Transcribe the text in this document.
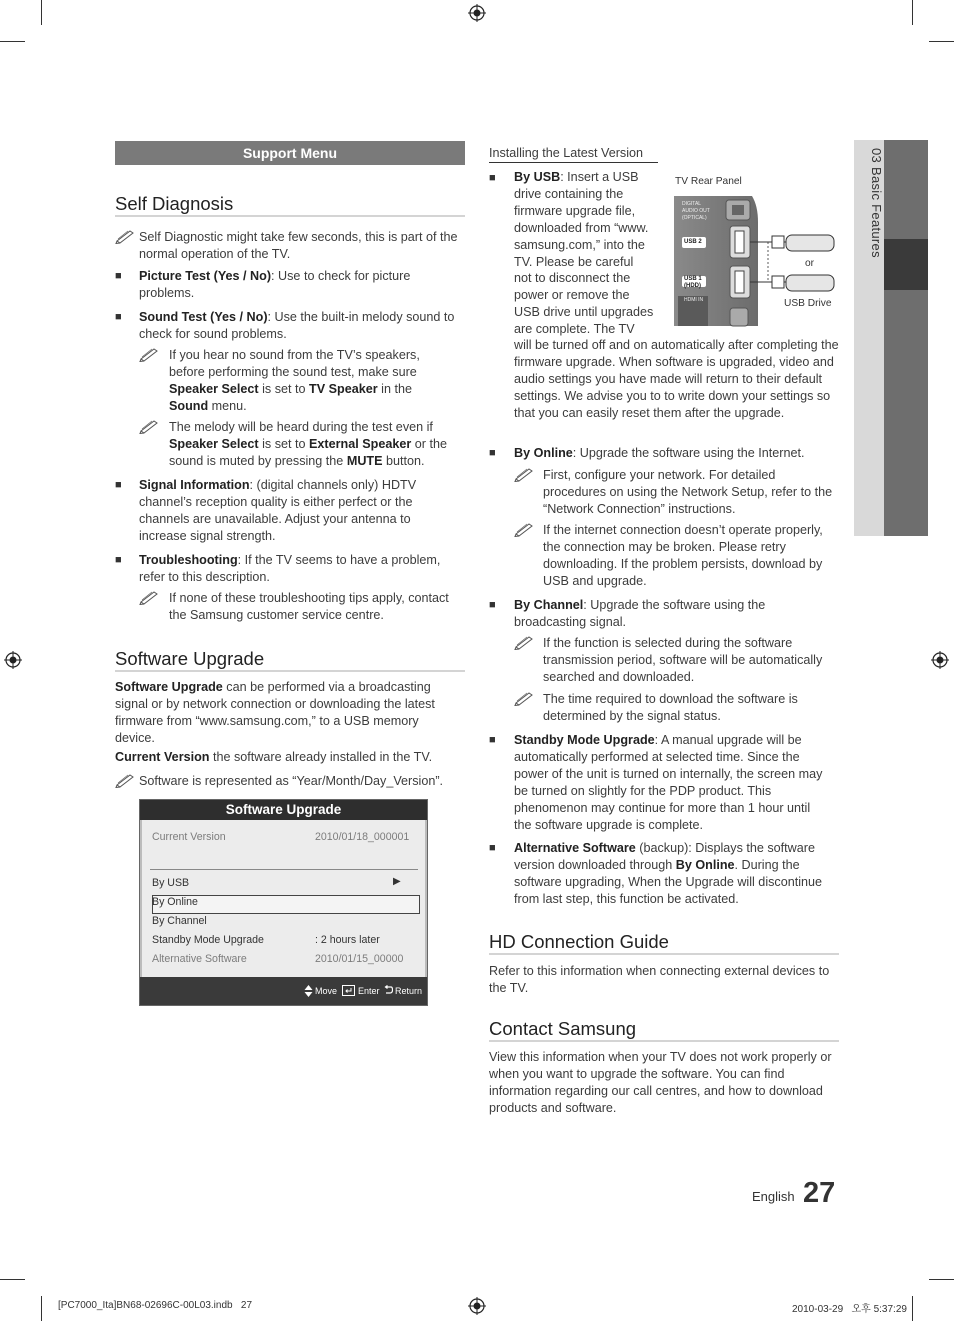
03 Basic Features
Support Menu
Self Diagnosis
Self Diagnostic might take few seconds, this is part of the normal operation of the TV.
■ Picture Test (Yes / No): Use to check for picture problems.
■ Sound Test (Yes / No): Use the built-in melody sound to check for sound problems.
If you hear no sound from the TV’s speakers, before performing the sound test, make sure Speaker Select is set to TV Speaker in the Sound menu.
The melody will be heard during the test even if Speaker Select is set to External Speaker or the sound is muted by pressing the MUTE button.
■ Signal Information: (digital channels only) HDTV channel’s reception quality is either perfect or the channels are unavailable. Adjust your antenna to increase signal strength.
■ Troubleshooting: If the TV seems to have a problem, refer to this description.
If none of these troubleshooting tips apply, contact the Samsung customer service centre.
Software Upgrade
Software Upgrade can be performed via a broadcasting signal or by network connection or downloading the latest firmware from “www.samsung.com,” to a USB memory device.
Current Version the software already installed in the TV.
Software is represented as “Year/Month/Day_Version”.
Software Upgrade
Current Version	2010/01/18_000001
By USB	▶
By Online
By Channel
Standby Mode Upgrade	: 2 hours later
Alternative Software	2010/01/15_00000
Move Enter Return
Installing the Latest Version
TV Rear Panel
DIGITAL
AUDIO OUT
(OPTICAL)
USB 2
USB 1
(HDD)
HDMI IN
or
USB Drive
■ By USB: Insert a USB
drive containing the
firmware upgrade file,
downloaded from “www.
samsung.com,” into the
TV. Please be careful
not to disconnect the
power or remove the
USB drive until upgrades
are complete. The TV
will be turned off and on automatically after completing the firmware upgrade. When software is upgraded, video and audio settings you have made will return to their default settings. We advise you to to write down your settings so that you can easily reset them after the upgrade.
■ By Online: Upgrade the software using the Internet.
First, configure your network. For detailed procedures on using the Network Setup, refer to the “Network Connection” instructions.
If the internet connection doesn’t operate properly, the connection may be broken. Please retry downloading. If the problem persists, download by USB and upgrade.
■ By Channel: Upgrade the software using the broadcasting signal.
If the function is selected during the software transmission period, software will be automatically searched and downloaded.
The time required to download the software is determined by the signal status.
■ Standby Mode Upgrade: A manual upgrade will be automatically performed at selected time. Since the power of the unit is turned on internally, the screen may be turned on slightly for the PDP product. This phenomenon may continue for more than 1 hour until the software upgrade is complete.
■ Alternative Software (backup): Displays the software version downloaded through By Online. During the software upgrading, When the Upgrade will discontinue from last step, this function be activated.
HD Connection Guide
Refer to this information when connecting external devices to the TV.
Contact Samsung
View this information when your TV does not work properly or when you want to upgrade the software. You can find information regarding our call centres, and how to download products and software.
English 27
[PC7000_Ita]BN68-02696C-00L03.indb   27	2010-03-29   오후 5:37:29
